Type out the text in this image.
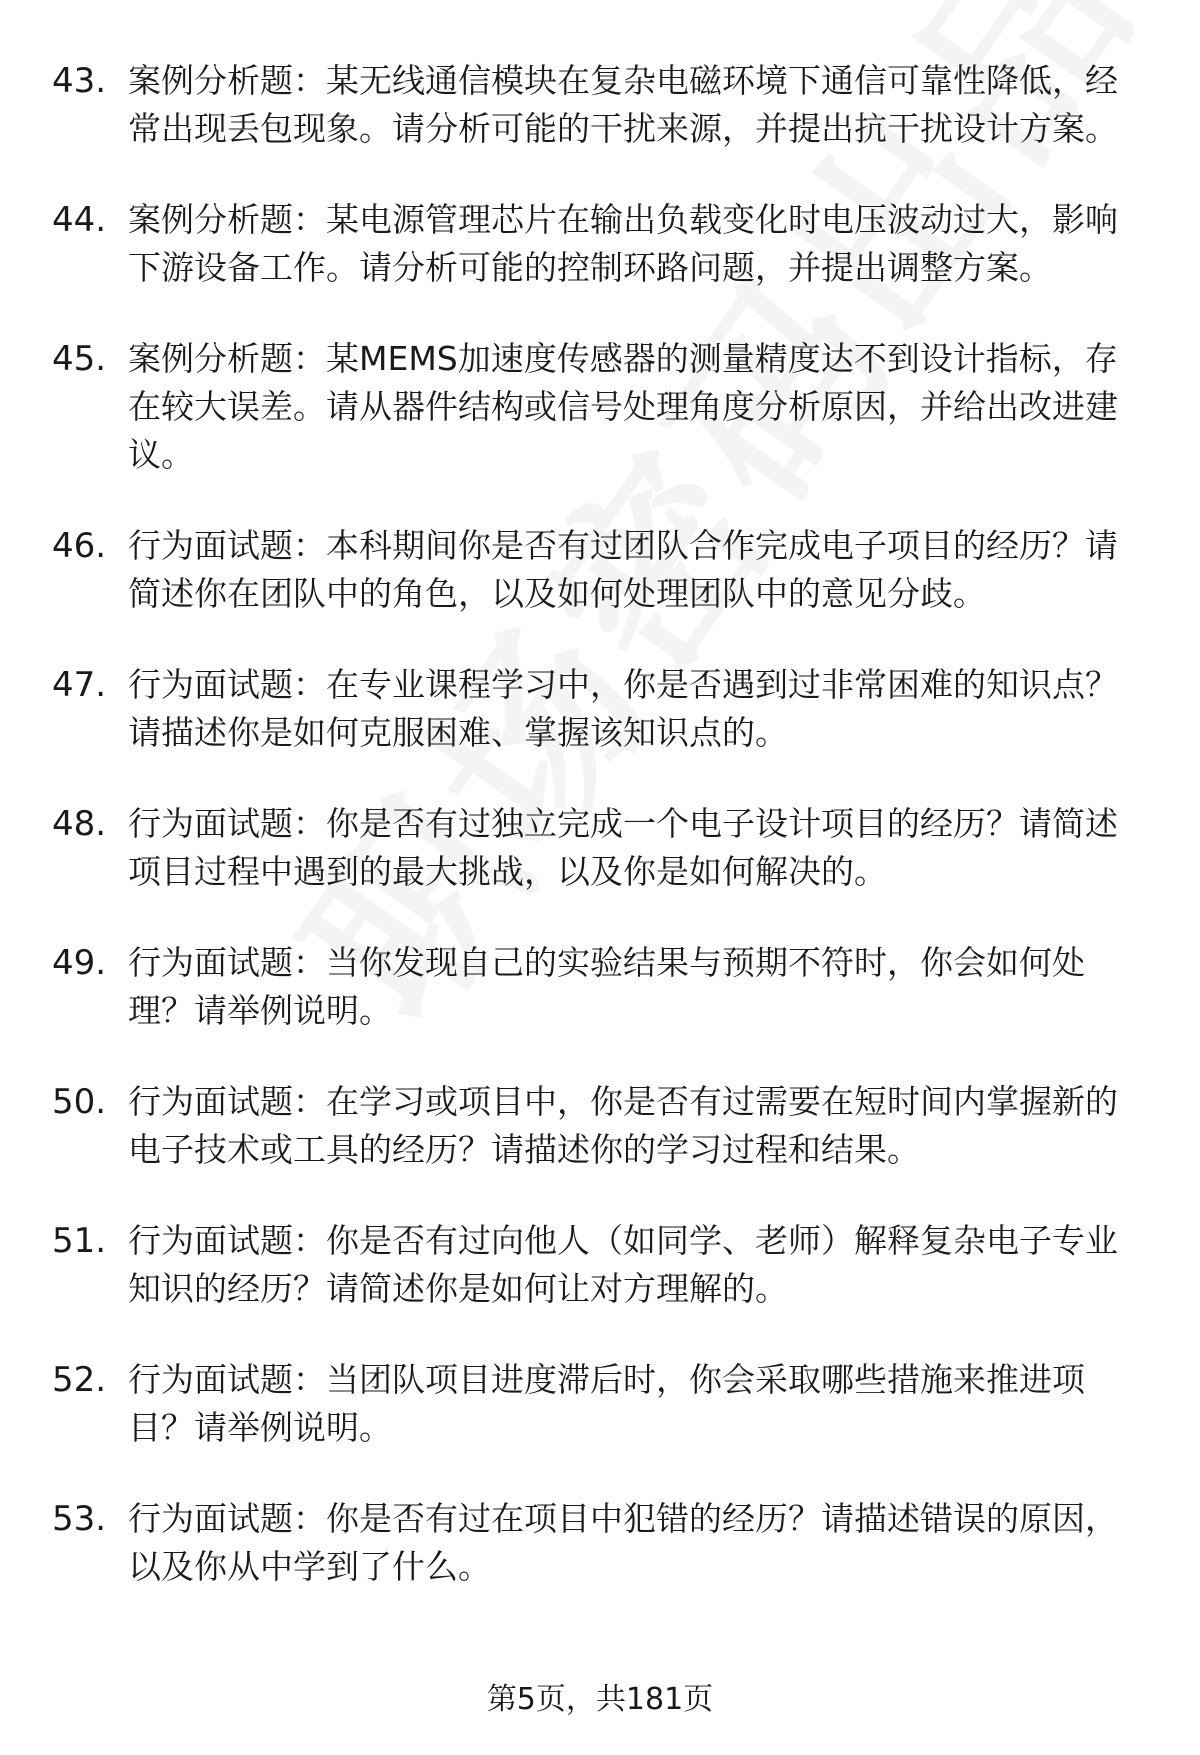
43. 案例分析题：某无线通信模块在复杂电磁环境下通信可靠性降低，经常出现丢包现象。请分析可能的干扰来源，并提出抗干扰设计方案。
44. 案例分析题：某电源管理芯片在输出负载变化时电压波动过大，影响下游设备工作。请分析可能的控制环路问题，并提出调整方案。
45. 案例分析题：某MEMS加速度传感器的测量精度达不到设计指标，存在较大误差。请从器件结构或信号处理角度分析原因，并给出改进建议。
46. 行为面试题：本科期间你是否有过团队合作完成电子项目的经历？请简述你在团队中的角色，以及如何处理团队中的意见分歧。
47. 行为面试题：在专业课程学习中，你是否遇到过非常困难的知识点？请描述你是如何克服困难、掌握该知识点的。
48. 行为面试题：你是否有过独立完成一个电子设计项目的经历？请简述项目过程中遇到的最大挑战，以及你是如何解决的。
49. 行为面试题：当你发现自己的实验结果与预期不符时，你会如何处理？请举例说明。
50. 行为面试题：在学习或项目中，你是否有过需要在短时间内掌握新的电子技术或工具的经历？请描述你的学习过程和结果。
51. 行为面试题：你是否有过向他人（如同学、老师）解释复杂电子专业知识的经历？请简述你是如何让对方理解的。
52. 行为面试题：当团队项目进度滞后时，你会采取哪些措施来推进项目？请举例说明。
53. 行为面试题：你是否有过在项目中犯错的经历？请描述错误的原因，以及你从中学到了什么。
第5页，共181页
